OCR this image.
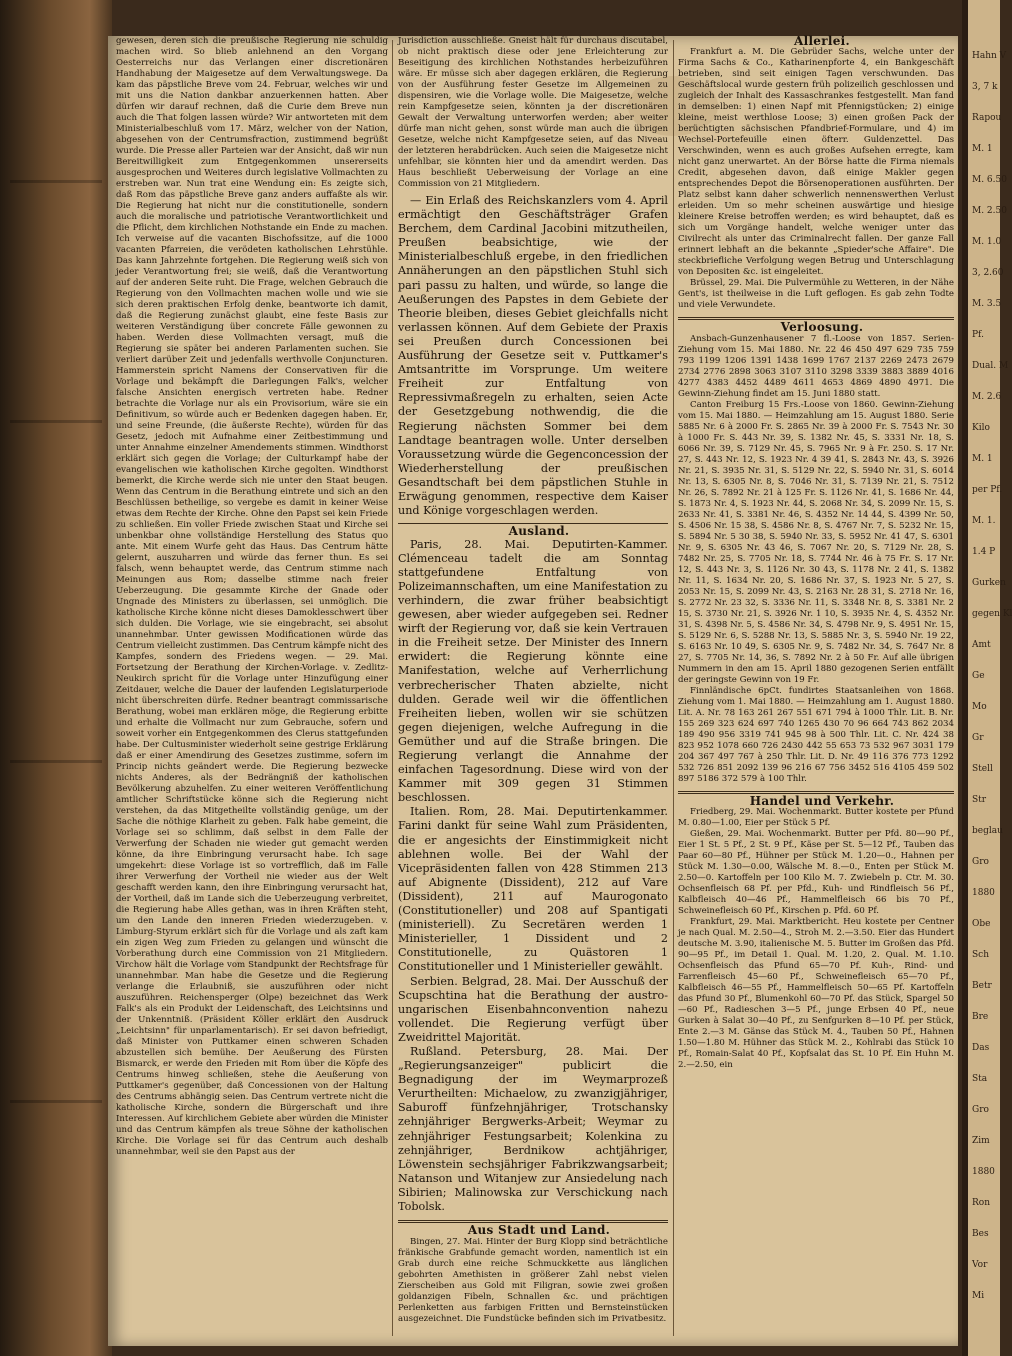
gewesen, deren sich die preußische Regierung nie schuldig machen wird. So blieb anlehnend an den Vorgang Oesterreichs nur das Verlangen einer discretionären Handhabung der Maigesetze auf dem Verwaltungswege. Da kam das päpstliche Breve vom 24. Februar, welches wir und mit uns die Nation dankbar anzuerkennen hatten. Aber dürfen wir darauf rechnen, daß die Curie dem Breve nun auch die That folgen lassen würde? Wir antworteten mit dem Ministerialbeschluß vom 17. März, welcher von der Nation, abgesehen von der Centrumsfraction, zustimmend begrüßt wurde. Die Presse aller Parteien war der Ansicht, daß wir nun Bereitwilligkeit zum Entgegenkommen unsererseits ausgesprochen und Weiteres durch legislative Vollmachten zu erstreben war. Nun trat eine Wendung ein: Es zeigte sich, daß Rom das päpstliche Breve ganz anders auffaßte als wir. Die Regierung hat nicht nur die constitutionelle, sondern auch die moralische und patriotische Verantwortlichkeit und die Pflicht, dem kirchlichen Nothstande ein Ende zu machen. Ich verweise auf die vacanten Bischofssitze, auf die 1000 vacanten Pfarreien, die verödeten katholischen Lehrstühle. Das kann Jahrzehnte fortgehen. Die Regierung weiß sich von jeder Verantwortung frei; sie weiß, daß die Verantwortung auf der anderen Seite ruht. Die Frage, welchen Gebrauch die Regierung von den Vollmachten machen wolle und wie sie sich deren praktischen Erfolg denke, beantworte ich damit, daß die Regierung zunächst glaubt, eine feste Basis zur weiteren Verständigung über concrete Fälle gewonnen zu haben. Werden diese Vollmachten versagt, muß die Regierung sie später bei anderen Parlamenten suchen. Sie verliert darüber Zeit und jedenfalls werthvolle Conjuncturen. Hammerstein spricht Namens der Conservativen für die Vorlage und bekämpft die Darlegungen Falk's, welcher falsche Ansichten energisch vertreten habe. Redner betrachte die Vorlage nur als ein Provisorium, wäre sie ein Definitivum, so würde auch er Bedenken dagegen haben. Er, und seine Freunde, (die äußerste Rechte), würden für das Gesetz, jedoch mit Aufnahme einer Zeitbestimmung und unter Annahme einzelner Amendements stimmen. Windthorst erklärt sich gegen die Vorlage; der Culturkampf habe der evangelischen wie katholischen Kirche gegolten. Windthorst bemerkt, die Kirche werde sich nie unter den Staat beugen. Wenn das Centrum in die Berathung eintrete und sich an den Beschlüssen betheilige, so vergebe es damit in keiner Weise etwas dem Rechte der Kirche. Ohne den Papst sei kein Friede zu schließen. Ein voller Friede zwischen Staat und Kirche sei unbenkbar ohne vollständige Herstellung des Status quo ante. Mit einem Wurfe geht das Haus. Das Centrum hätte gelernt, auszuharren und würde das ferner thun. Es sei falsch, wenn behauptet werde, das Centrum stimme nach Meinungen aus Rom; dasselbe stimme nach freier Ueberzeugung. Die gesammte Kirche der Gnade oder Ungnade des Ministers zu überlassen, sei unmöglich. Die katholische Kirche könne nicht dieses Damoklesschwert über sich dulden. Die Vorlage, wie sie eingebracht, sei absolut unannehmbar. Unter gewissen Modificationen würde das Centrum vielleicht zustimmen. Das Centrum kämpfe nicht des Kampfes, sondern des Friedens wegen. — 29. Mai. Fortsetzung der Berathung der Kirchen-Vorlage. v. Zedlitz-Neukirch spricht für die Vorlage unter Hinzufügung einer Zeitdauer, welche die Dauer der laufenden Legislaturperiode nicht überschreiten dürfe. Redner beantragt commissarische Berathung, wobei man erklären möge, die Regierung erbitte und erhalte die Vollmacht nur zum Gebrauche, sofern und soweit vorher ein Entgegenkommen des Clerus stattgefunden habe. Der Cultusminister wiederholt seine gestrige Erklärung daß er einer Amendirung des Gesetzes zustimme, sofern im Princip nichts geändert werde. Die Regierung bezwecke nichts Anderes, als der Bedrängniß der katholischen Bevölkerung abzuhelfen. Zu einer weiteren Veröffentlichung amtlicher Schriftstücke könne sich die Regierung nicht verstehen, da das Mitgetheilte vollständig genüge, um der Sache die nöthige Klarheit zu geben. Falk habe gemeint, die Vorlage sei so schlimm, daß selbst in dem Falle der Verwerfung der Schaden nie wieder gut gemacht werden könne, da ihre Einbringung verursacht habe. Ich sage umgekehrt: diese Vorlage ist so vortrefflich, daß im Falle ihrer Verwerfung der Vortheil nie wieder aus der Welt geschafft werden kann, den ihre Einbringung verursacht hat, der Vortheil, daß im Lande sich die Ueberzeugung verbreitet, die Regierung habe Alles gethan, was in ihren Kräften steht, um den Lande den inneren Frieden wiederzugeben. v. Limburg-Styrum erklärt sich für die Vorlage und als zaft kam ein zigen Weg zum Frieden zu gelangen und wünscht die Vorberathung durch eine Commission von 21 Mitgliedern. Virchow hält die Vorlage vom Standpunkt der Rechtsfrage für unannehmbar. Man habe die Gesetze und die Regierung verlange die Erlaubniß, sie auszuführen oder nicht auszuführen. Reichensperger (Olpe) bezeichnet das Werk Falk's als ein Produkt der Leidenschaft, des Leichtsinns und der Unkenntniß. (Präsident Köller erklärt den Ausdruck „Leichtsinn" für unparlamentarisch). Er sei davon befriedigt, daß Minister von Puttkamer einen schweren Schaden abzustellen sich bemühe. Der Aeußerung des Fürsten Bismarck, er werde den Frieden mit Rom über die Köpfe des Centrums hinweg schließen, stehe die Aeußerung von Puttkamer's gegenüber, daß Concessionen von der Haltung des Centrums abhängig seien. Das Centrum vertrete nicht die katholische Kirche, sondern die Bürgerschaft und ihre Interessen. Auf kirchlichem Gebiete aber würden die Minister und das Centrum kämpfen als treue Söhne der katholischen Kirche. Die Vorlage sei für das Centrum auch deshalb unannehmbar, weil sie den Papst aus der

Jurisdiction ausschließe. Gneist hält für durchaus discutabel, ob nicht praktisch diese oder jene Erleichterung zur Beseitigung des kirchlichen Nothstandes herbeizuführen wäre. Er müsse sich aber dagegen erklären, die Regierung von der Ausführung fester Gesetze im Allgemeinen zu dispensiren, wie die Vorlage wolle. Die Maigesetze, welche rein Kampfgesetze seien, könnten ja der discretionären Gewalt der Verwaltung unterworfen werden; aber weiter dürfe man nicht gehen, sonst würde man auch die übrigen Gesetze, welche nicht Kampfgesetze seien, auf das Niveau der letzteren herabdrücken. Auch seien die Maigesetze nicht unfehlbar, sie könnten hier und da amendirt werden. Das Haus beschließt Ueberweisung der Vorlage an eine Commission von 21 Mitgliedern.

— Ein Erlaß des Reichskanzlers vom 4. April ermächtigt den Geschäftsträger Grafen Berchem, dem Cardinal Jacobini mitzutheilen, Preußen beabsichtige, wie der Ministerialbeschluß ergebe, in den friedlichen Annäherungen an den päpstlichen Stuhl sich pari passu zu halten, und würde, so lange die Aeußerungen des Papstes in dem Gebiete der Theorie bleiben, dieses Gebiet gleichfalls nicht verlassen können. Auf dem Gebiete der Praxis sei Preußen durch Concessionen bei Ausführung der Gesetze seit v. Puttkamer's Amtsantritte im Vorsprunge. Um weitere Freiheit zur Entfaltung von Repressivmaßregeln zu erhalten, seien Acte der Gesetzgebung nothwendig, die die Regierung nächsten Sommer bei dem Landtage beantragen wolle. Unter derselben Voraussetzung würde die Gegenconcession der Wiederherstellung der preußischen Gesandtschaft bei dem päpstlichen Stuhle in Erwägung genommen, respective dem Kaiser und Könige vorgeschlagen werden.

Ausland.

Paris, 28. Mai. Deputirten-Kammer. Clémenceau tadelt die am Sonntag stattgefundene Entfaltung von Polizeimannschaften, um eine Manifestation zu verhindern, die zwar früher beabsichtigt gewesen, aber wieder aufgegeben sei. Redner wirft der Regierung vor, daß sie kein Vertrauen in die Freiheit setze. Der Minister des Innern erwidert: die Regierung könnte eine Manifestation, welche auf Verherrlichung verbrecherischer Thaten abzielte, nicht dulden. Gerade weil wir die öffentlichen Freiheiten lieben, wollen wir sie schützen gegen diejenigen, welche Aufregung in die Gemüther und auf die Straße bringen. Die Regierung verlangt die Annahme der einfachen Tagesordnung. Diese wird von der Kammer mit 309 gegen 31 Stimmen beschlossen.

Italien. Rom, 28. Mai. Deputirtenkammer. Farini dankt für seine Wahl zum Präsidenten, die er angesichts der Einstimmigkeit nicht ablehnen wolle. Bei der Wahl der Vicepräsidenten fallen von 428 Stimmen 213 auf Abignente (Dissident), 212 auf Vare (Dissident), 211 auf Maurogonato (Constitutioneller) und 208 auf Spantigati (ministeriell). Zu Secretären werden 1 Ministerieller, 1 Dissident und 2 Constitutionelle, zu Quästoren 1 Constitutioneller und 1 Ministerieller gewählt.

Serbien. Belgrad, 28. Mai. Der Ausschuß der Scupschtina hat die Berathung der austro-ungarischen Eisenbahnconvention nahezu vollendet. Die Regierung verfügt über Zweidrittel Majorität.

Rußland. Petersburg, 28. Mai. Der „Regierungsanzeiger" publicirt die Begnadigung der im Weymarprozeß Verurtheilten: Michaelow, zu zwanzigjähriger, Saburoff fünfzehnjähriger, Trotschansky zehnjähriger Bergwerks-Arbeit; Weymar zu zehnjähriger Festungsarbeit; Kolenkina zu zehnjähriger, Berdnikow achtjähriger, Löwenstein sechsjähriger Fabrikzwangsarbeit; Natanson und Witanjew zur Ansiedelung nach Sibirien; Malinowska zur Verschickung nach Tobolsk.

Aus Stadt und Land.

Bingen, 27. Mai. Hinter der Burg Klopp sind beträchtliche fränkische Grabfunde gemacht worden, namentlich ist ein Grab durch eine reiche Schmuckkette aus länglichen gebohrten Amethisten in größerer Zahl nebst vielen Zierscheiben aus Gold mit Filigran, sowie zwei großen goldanzigen Fibeln, Schnallen &c. und prächtigen Perlenketten aus farbigen Fritten und Bernsteinstücken ausgezeichnet. Die Fundstücke befinden sich im Privatbesitz.

Allerlei.

Frankfurt a. M. Die Gebrüder Sachs, welche unter der Firma Sachs & Co., Katharinenpforte 4, ein Bankgeschäft betrieben, sind seit einigen Tagen verschwunden. Das Geschäftslocal wurde gestern früh polizeilich geschlossen und zugleich der Inhalt des Kassaschrankes festgestellt. Man fand in demselben: 1) einen Napf mit Pfennigstücken; 2) einige kleine, meist werthlose Loose; 3) einen großen Pack der berüchtigten sächsischen Pfandbrief-Formulare, und 4) im Wechsel-Portefeuille einen öfterr. Guldenzettel. Das Verschwinden, wenn es auch großes Aufsehen erregte, kam nicht ganz unerwartet. An der Börse hatte die Firma niemals Credit, abgesehen davon, daß einige Makler gegen entsprechendes Depot die Börsenoperationen ausführten. Der Platz selbst kann daher schwerlich nennenswerthen Verlust erleiden. Um so mehr scheinen auswärtige und hiesige kleinere Kreise betroffen werden; es wird behauptet, daß es sich um Vorgänge handelt, welche weniger unter das Civilrecht als unter das Criminalrecht fallen. Der ganze Fall erinnert lebhaft an die bekannte „Spieder'sche Affaire". Die steckbriefliche Verfolgung wegen Betrug und Unterschlagung von Depositen &c. ist eingeleitet.

Brüssel, 29. Mai. Die Pulvermühle zu Wetteren, in der Nähe Gent's, ist theilweise in die Luft geflogen. Es gab zehn Todte und viele Verwundete.

Verloosung.

Ansbach-Gunzenhausener 7 fl.-Loose von 1857. Serien-Ziehung vom 15. Mai 1880. Nr. 22 46 450 497 629 735 759 793 1199 1206 1391 1438 1699 1767 2137 2269 2473 2679 2734 2776 2898 3063 3107 3110 3298 3339 3883 3889 4016 4277 4383 4452 4489 4611 4653 4869 4890 4971. Die Gewinn-Ziehung findet am 15. Juni 1880 statt.

Canton Freiburg 15 Frs.-Loose von 1860. Gewinn-Ziehung vom 15. Mai 1880. — Heimzahlung am 15. August 1880. Serie 5885 Nr. 6 à 2000 Fr. S. 2865 Nr. 39 à 2000 Fr. S. 7543 Nr. 30 à 1000 Fr. S. 443 Nr. 39, S. 1382 Nr. 45, S. 3331 Nr. 18, S. 6066 Nr. 39, S. 7129 Nr. 45, S. 7965 Nr. 9 à Fr. 250. S. 17 Nr. 27, S. 443 Nr. 12, S. 1923 Nr. 4 39 41, S. 2843 Nr. 43, S. 3926 Nr. 21, S. 3935 Nr. 31, S. 5129 Nr. 22, S. 5940 Nr. 31, S. 6014 Nr. 13, S. 6305 Nr. 8, S. 7046 Nr. 31, S. 7139 Nr. 21, S. 7512 Nr. 26, S. 7892 Nr. 21 à 125 Fr. S. 1126 Nr. 41, S. 1686 Nr. 44, S. 1873 Nr. 4, S. 1923 Nr. 44, S. 2068 Nr. 34, S. 2099 Nr. 15, S. 2633 Nr. 41, S. 3381 Nr. 46, S. 4352 Nr. 14 44, S. 4399 Nr. 50, S. 4506 Nr. 15 38, S. 4586 Nr. 8, S. 4767 Nr. 7, S. 5232 Nr. 15, S. 5894 Nr. 5 30 38, S. 5940 Nr. 33, S. 5952 Nr. 41 47, S. 6301 Nr. 9, S. 6305 Nr. 43 46, S. 7067 Nr. 20, S. 7129 Nr. 28, S. 7482 Nr. 25, S. 7705 Nr. 18, S. 7744 Nr. 46 à 75 Fr. S. 17 Nr. 12, S. 443 Nr. 3, S. 1126 Nr. 30 43, S. 1178 Nr. 2 41, S. 1382 Nr. 11, S. 1634 Nr. 20, S. 1686 Nr. 37, S. 1923 Nr. 5 27, S. 2053 Nr. 15, S. 2099 Nr. 43, S. 2163 Nr. 28 31, S. 2718 Nr. 16, S. 2772 Nr. 23 32, S. 3336 Nr. 11, S. 3348 Nr. 8, S. 3381 Nr. 2 15, S. 3730 Nr. 21, S. 3926 Nr. 1 10, S. 3935 Nr. 4, S. 4352 Nr. 31, S. 4398 Nr. 5, S. 4586 Nr. 34, S. 4798 Nr. 9, S. 4951 Nr. 15, S. 5129 Nr. 6, S. 5288 Nr. 13, S. 5885 Nr. 3, S. 5940 Nr. 19 22, S. 6163 Nr. 10 49, S. 6305 Nr. 9, S. 7482 Nr. 34, S. 7647 Nr. 8 27, S. 7705 Nr. 14, 36, S. 7892 Nr. 2 à 50 Fr. Auf alle übrigen Nummern in den am 15. April 1880 gezogenen Serien entfällt der geringste Gewinn von 19 Fr.

Finnländische 6pCt. fundirtes Staatsanleihen von 1868. Ziehung vom 1. Mai 1880. — Heimzahlung am 1. August 1880. Lit. A. Nr. 78 163 261 267 551 671 794 à 1000 Thlr. Lit. B. Nr. 155 269 323 624 697 740 1265 430 70 96 664 743 862 2034 189 490 956 3319 741 945 98 à 500 Thlr. Lit. C. Nr. 424 38 823 952 1078 660 726 2430 442 55 653 73 532 967 3031 179 204 367 497 767 à 250 Thlr. Lit. D. Nr. 49 116 376 773 1292 532 726 851 2092 139 96 216 67 756 3452 516 4105 459 502 897 5186 372 579 à 100 Thlr.

Handel und Verkehr.

Friedberg, 29. Mai. Wochenmarkt. Butter kostete per Pfund M. 0.80—1.00, Eier per Stück 5 Pf.

Gießen, 29. Mai. Wochenmarkt. Butter per Pfd. 80—90 Pf., Eier 1 St. 5 Pf., 2 St. 9 Pf., Käse per St. 5—12 Pf., Tauben das Paar 60—80 Pf., Hühner per Stück M. 1.20—0., Hahnen per Stück M. 1.30—0.00, Wälsche M. 8.—0., Enten per Stück M. 2.50—0. Kartoffeln per 100 Kilo M. 7. Zwiebeln p. Ctr. M. 30. Ochsenfleisch 68 Pf. per Pfd., Kuh- und Rindfleisch 56 Pf., Kalbfleisch 40—46 Pf., Hammelfleisch 66 bis 70 Pf., Schweinefleisch 60 Pf., Kirschen p. Pfd. 60 Pf.

Frankfurt, 29. Mai. Marktbericht. Heu kostete per Centner je nach Qual. M. 2.50—4., Stroh M. 2.—3.50. Eier das Hundert deutsche M. 3.90, italienische M. 5. Butter im Großen das Pfd. 90—95 Pf., im Detail 1. Qual. M. 1.20, 2. Qual. M. 1.10. Ochsenfleisch das Pfund 65—70 Pf. Kuh-, Rind- und Farrenfleisch 45—60 Pf., Schweinefleisch 65—70 Pf., Kalbfleisch 46—55 Pf., Hammelfleisch 50—65 Pf. Kartoffeln das Pfund 30 Pf., Blumenkohl 60—70 Pf. das Stück, Spargel 50—60 Pf., Radieschen 3—5 Pf., junge Erbsen 40 Pf., neue Gurken à Salat 30—40 Pf., zu Senfgurken 8—10 Pf. per Stück, Ente 2.—3 M. Gänse das Stück M. 4., Tauben 50 Pf., Hahnen 1.50—1.80 M. Hühner das Stück M. 2., Kohlrabi das Stück 10 Pf., Romain-Salat 40 Pf., Kopfsalat das St. 10 Pf. Ein Huhn M. 2.—2.50, ein

Hahn V
3, 7 k
Rapou
M. 1
M. 6.50
M. 2.50
M. 1.0
3, 2.60
M. 3.5
Pf.
Dual. M
M. 2.6
Kilo
M. 1
per Pf.
M. 1.
1.4 P
Gurken
gegen Kl
Amt
Ge
Mo
Gr
Stell
Str
beglau
Gro
1880
Obe
Sch
Betr
Bre
Das
Sta
Gro
Zim
1880
Ron
Bes
Vor
Mi
